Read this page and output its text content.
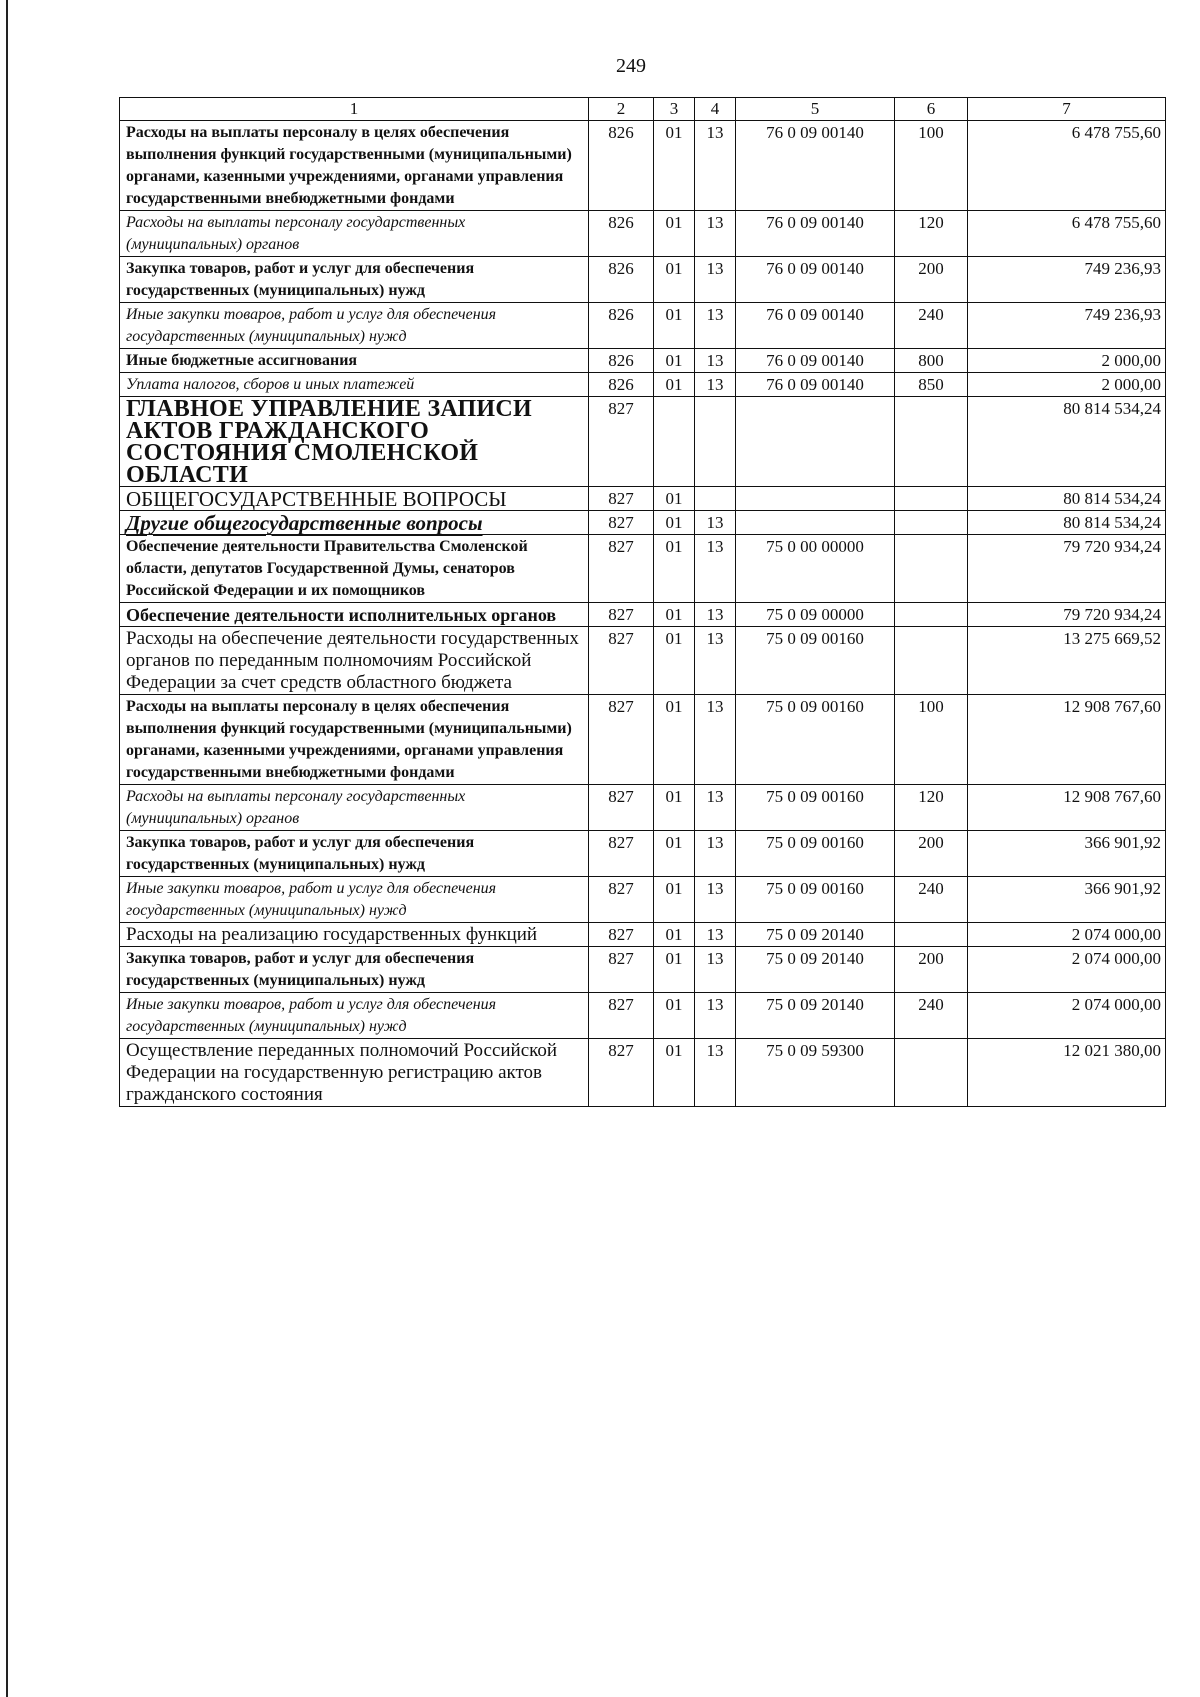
249
1	2	3	4	5	6	7
Расходы на выплаты персоналу в целях обеспечения выполнения функций государственными (муниципальными) органами, казенными учреждениями, органами управления государственными внебюджетными фондами	826	01	13	76 0 09 00140	100	6 478 755,60
Расходы на выплаты персоналу государственных (муниципальных) органов	826	01	13	76 0 09 00140	120	6 478 755,60
Закупка товаров, работ и услуг для обеспечения государственных (муниципальных) нужд	826	01	13	76 0 09 00140	200	749 236,93
Иные закупки товаров, работ и услуг для обеспечения государственных (муниципальных) нужд	826	01	13	76 0 09 00140	240	749 236,93
Иные бюджетные ассигнования	826	01	13	76 0 09 00140	800	2 000,00
Уплата налогов, сборов и иных платежей	826	01	13	76 0 09 00140	850	2 000,00
ГЛАВНОЕ УПРАВЛЕНИЕ ЗАПИСИ АКТОВ ГРАЖДАНСКОГО СОСТОЯНИЯ СМОЛЕНСКОЙ ОБЛАСТИ	827					80 814 534,24
ОБЩЕГОСУДАРСТВЕННЫЕ ВОПРОСЫ	827	01				80 814 534,24
Другие общегосударственные вопросы	827	01	13			80 814 534,24
Обеспечение деятельности Правительства Смоленской области, депутатов Государственной Думы, сенаторов Российской Федерации и их помощников	827	01	13	75 0 00 00000		79 720 934,24
Обеспечение деятельности исполнительных органов	827	01	13	75 0 09 00000		79 720 934,24
Расходы на обеспечение деятельности государственных органов по переданным полномочиям Российской Федерации за счет средств областного бюджета	827	01	13	75 0 09 00160		13 275 669,52
Расходы на выплаты персоналу в целях обеспечения выполнения функций государственными (муниципальными) органами, казенными учреждениями, органами управления государственными внебюджетными фондами	827	01	13	75 0 09 00160	100	12 908 767,60
Расходы на выплаты персоналу государственных (муниципальных) органов	827	01	13	75 0 09 00160	120	12 908 767,60
Закупка товаров, работ и услуг для обеспечения государственных (муниципальных) нужд	827	01	13	75 0 09 00160	200	366 901,92
Иные закупки товаров, работ и услуг для обеспечения государственных (муниципальных) нужд	827	01	13	75 0 09 00160	240	366 901,92
Расходы на реализацию государственных функций	827	01	13	75 0 09 20140		2 074 000,00
Закупка товаров, работ и услуг для обеспечения государственных (муниципальных) нужд	827	01	13	75 0 09 20140	200	2 074 000,00
Иные закупки товаров, работ и услуг для обеспечения государственных (муниципальных) нужд	827	01	13	75 0 09 20140	240	2 074 000,00
Осуществление переданных полномочий Российской Федерации на государственную регистрацию актов гражданского состояния	827	01	13	75 0 09 59300		12 021 380,00
